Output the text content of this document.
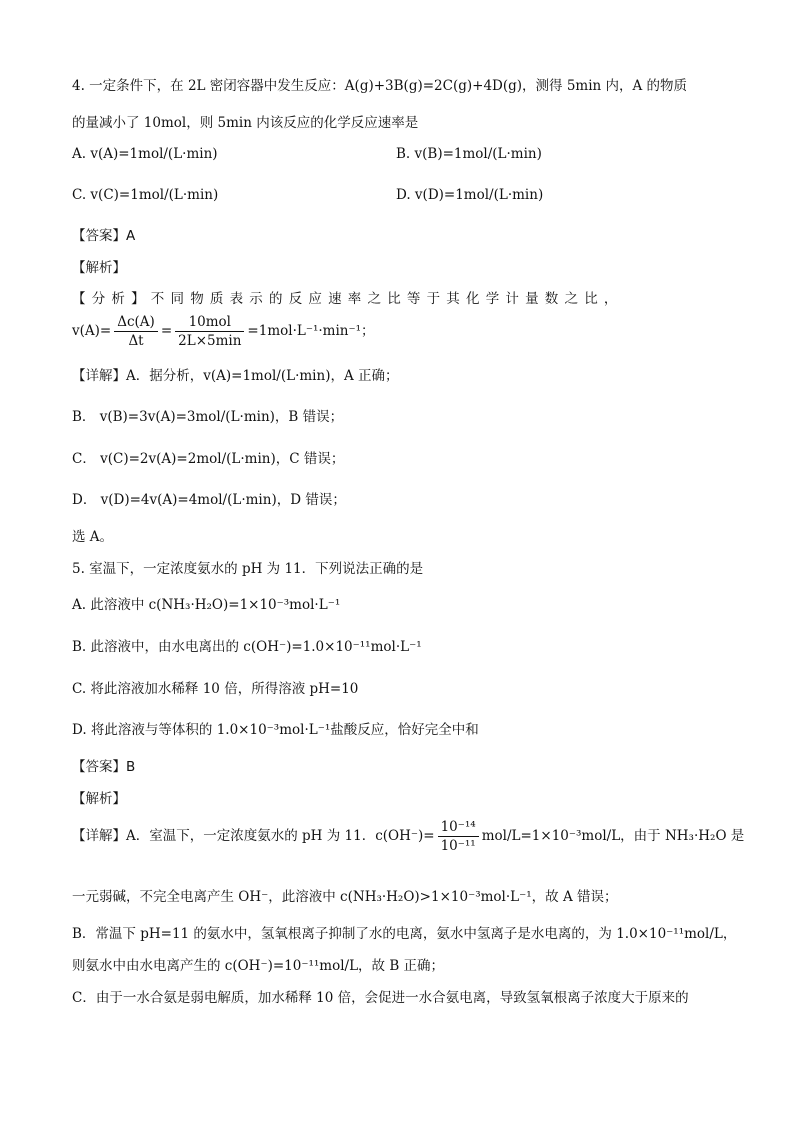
4. 一定条件下，在 2L 密闭容器中发生反应：A(g)+3B(g)=2C(g)+4D(g)，测得 5min 内，A 的物质
的量减小了 10mol，则 5min 内该反应的化学反应速率是
A. v(A)=1mol/(L·min)	B. v(B)=1mol/(L·min)
C. v(C)=1mol/(L·min)	D. v(D)=1mol/(L·min)
【答案】A
【解析】
【分析】不同物质表示的反应速率之比等于其化学计量数之比，
$v(A)= \frac{\Delta c(A)}{\Delta t} = \frac{\text{10mol}}{2L\times 5\min} =1mol\cdot L^{-1}\cdot\min^{-1}$；
【详解】A．据分析，v(A)=1mol/(L·min)，A 正确；
B． v(B)=3v(A)=3mol/(L·min)，B 错误；
C． v(C)=2v(A)=2mol/(L·min)，C 错误；
D． v(D)=4v(A)=4mol/(L·min)，D 错误；
选 A。
5. 室温下，一定浓度氨水的 pH 为 11．下列说法正确的是
A. 此溶液中 c(NH₃·H₂O)=1×10⁻³mol·L⁻¹
B. 此溶液中，由水电离出的 c(OH⁻)=1.0×10⁻¹¹mol·L⁻¹
C. 将此溶液加水稀释 10 倍，所得溶液 pH=10
D. 将此溶液与等体积的 1.0×10⁻³mol·L⁻¹盐酸反应，恰好完全中和
【答案】B
【解析】
【详解】A．室温下，一定浓度氨水的 pH 为 11．$c(OH^-)= \frac{\text{10⁻¹⁴}}{\text{10⁻¹¹}} mol/L=1\times 10^{-3}mol/L$，由于 NH₃·H₂O 是
一元弱碱，不完全电离产生 OH⁻，此溶液中 c(NH₃·H₂O)>1×10⁻³mol·L⁻¹，故 A 错误；
B．常温下 pH=11 的氨水中，氢氧根离子抑制了水的电离，氨水中氢离子是水电离的，为 1.0×10⁻¹¹mol/L，
则氨水中由水电离产生的 c(OH⁻)=10⁻¹¹mol/L，故 B 正确；
C．由于一水合氨是弱电解质，加水稀释 10 倍，会促进一水合氨电离，导致氢氧根离子浓度大于原来的
